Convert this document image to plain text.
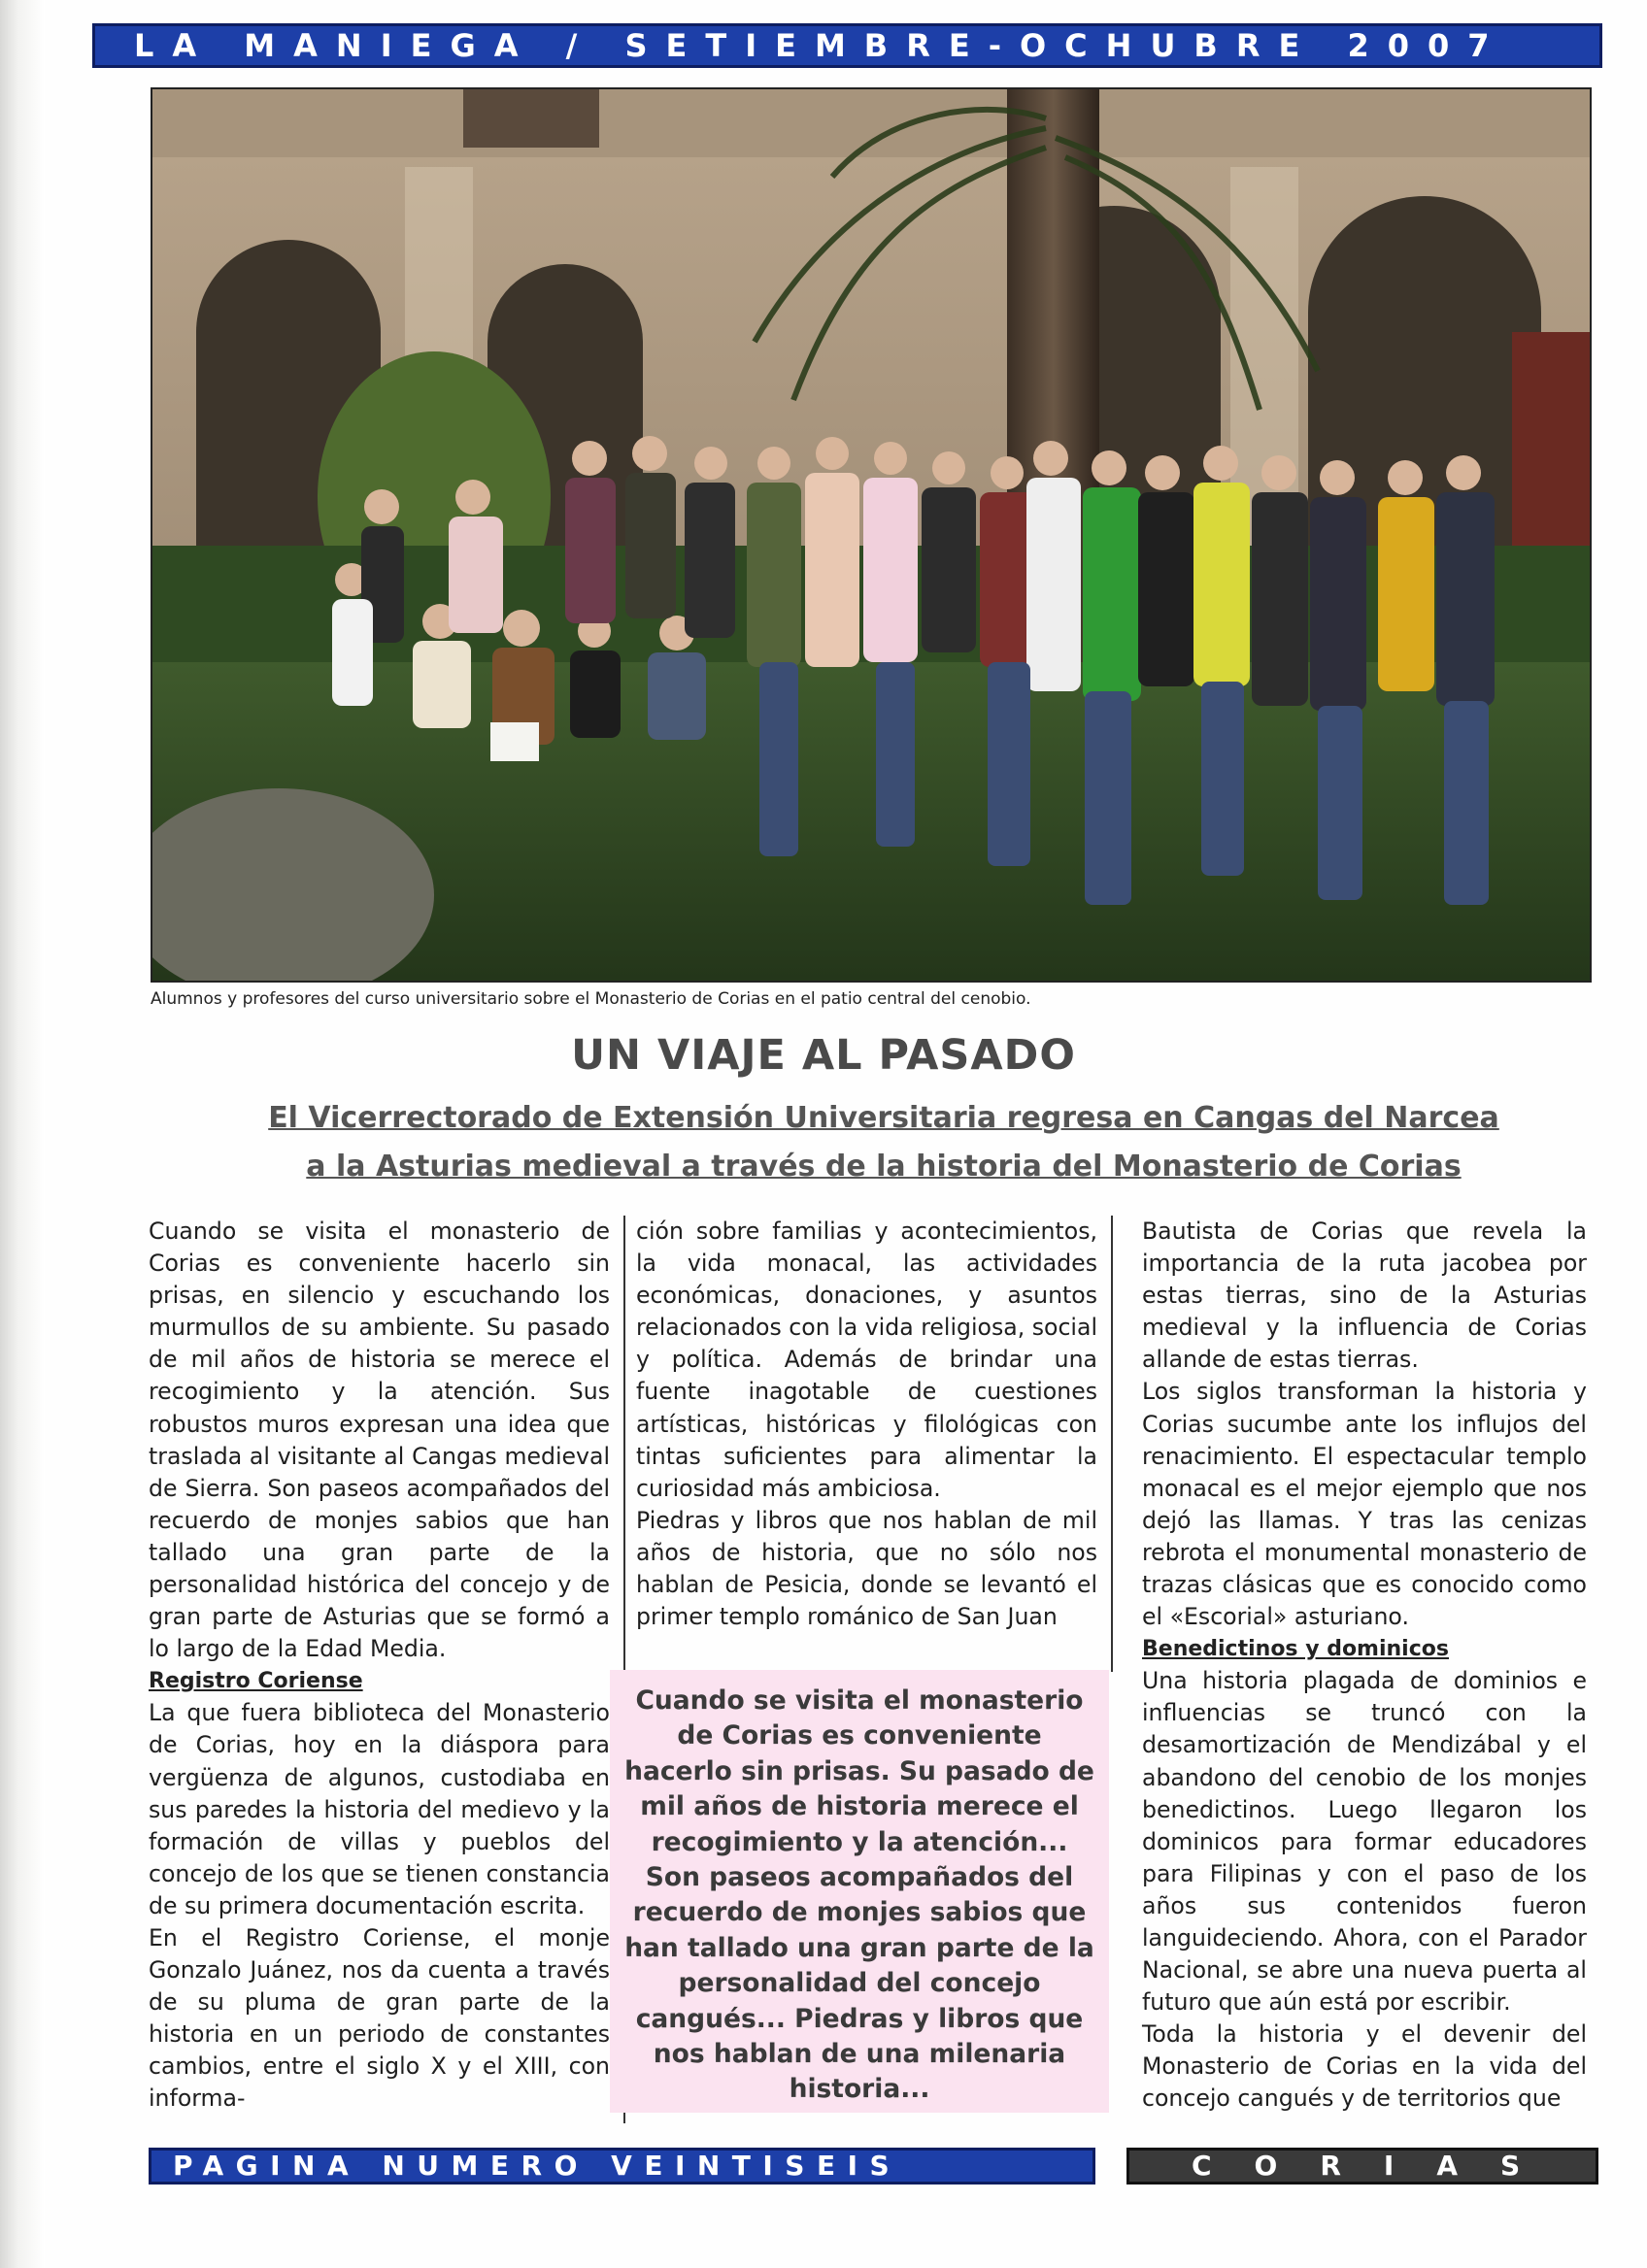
LA MANIEGA / SETIEMBRE-OCHUBRE 2007
Alumnos y profesores del curso universitario sobre el Monasterio de Corias en el patio central del cenobio.
UN VIAJE AL PASADO
El Vicerrectorado de Extensión Universitaria regresa en Cangas del Narcea
a la Asturias medieval a través de la historia del Monasterio de Corias

Cuando se visita el monasterio de Corias es conveniente hacerlo sin prisas, en silencio y escuchando los murmullos de su ambiente. Su pasado de mil años de historia se merece el recogimiento y la atención. Sus robustos muros expresan una idea que traslada al visitante al Cangas medieval de Sierra. Son paseos acompañados del recuerdo de monjes sabios que han tallado una gran parte de la personalidad histórica del concejo y de gran parte de Asturias que se formó a lo largo de la Edad Media.

Registro Coriense

La que fuera biblioteca del Monasterio de Corias, hoy en la diáspora para vergüenza de algunos, custodiaba en sus paredes la historia del medievo y la formación de villas y pueblos del concejo de los que se tienen constancia de su primera documentación escrita.

En el Registro Coriense, el monje Gonzalo Juánez, nos da cuenta a través de su pluma de gran parte de la historia en un periodo de constantes cambios, entre el siglo X y el XIII, con informa-

ción sobre familias y acontecimientos, la vida monacal, las actividades económicas, donaciones, y asuntos relacionados con la vida religiosa, social y política. Además de brindar una fuente inagotable de cuestiones artísticas, históricas y filológicas con tintas suficientes para alimentar la curiosidad más ambiciosa.

Piedras y libros que nos hablan de mil años de historia, que no sólo nos hablan de Pesicia, donde se levantó el primer templo románico de San Juan

Bautista de Corias que revela la importancia de la ruta jacobea por estas tierras, sino de la Asturias medieval y la influencia de Corias allande de estas tierras.

Los siglos transforman la historia y Corias sucumbe ante los influjos del renacimiento. El espectacular templo monacal es el mejor ejemplo que nos dejó las llamas. Y tras las cenizas rebrota el monumental monasterio de trazas clásicas que es conocido como el «Escorial» asturiano.

Benedictinos y dominicos

Una historia plagada de dominios e influencias se truncó con la desamortización de Mendizábal y el abandono del cenobio de los monjes benedictinos. Luego llegaron los dominicos para formar educadores para Filipinas y con el paso de los años sus contenidos fueron languideciendo. Ahora, con el Parador Nacional, se abre una nueva puerta al futuro que aún está por escribir.

Toda la historia y el devenir del Monasterio de Corias en la vida del concejo cangués y de territorios que

Cuando se visita el monasterio de Corias es conveniente hacerlo sin prisas. Su pasado de mil años de historia merece el recogimiento y la atención... Son paseos acompañados del recuerdo de monjes sabios que han tallado una gran parte de la personalidad del concejo cangués... Piedras y libros que nos hablan de una milenaria historia...
PAGINA NUMERO VEINTISEIS	CORIAS
